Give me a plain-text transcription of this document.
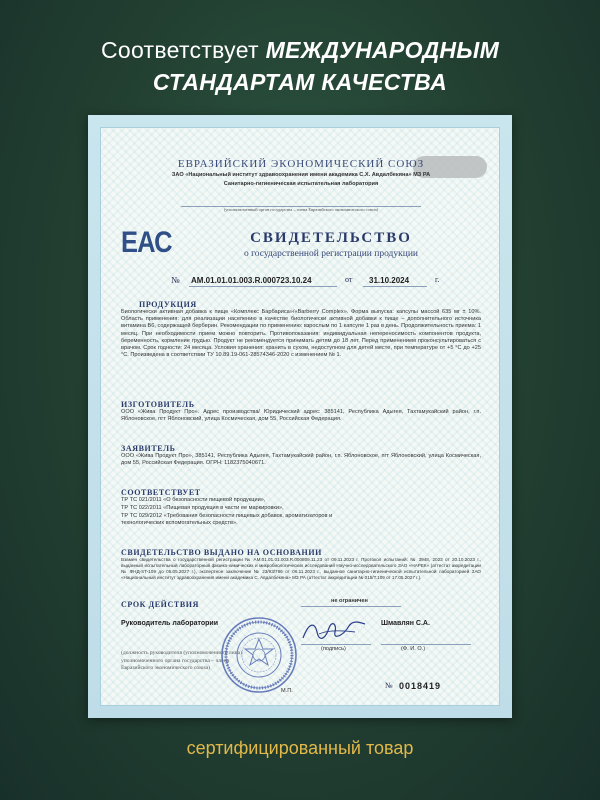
Соответствует МЕЖДУНАРОДНЫМ
СТАНДАРТАМ КАЧЕСТВА
ЕВРАЗИЙСКИЙ ЭКОНОМИЧЕСКИЙ СОЮЗ
ЗАО «Национальный институт здравоохранения имени академика С.Х. Авдалбекяна» МЗ РА
Санитарно-гигиеническая испытательная лаборатория
(уполномоченный орган государства – члена Евразийского экономического союза)
ЕАС	СВИДЕТЕЛЬСТВО
о государственной регистрации продукции
№ AM.01.01.01.003.R.000723.10.24	от 31.10.2024	г.
ПРОДУКЦИЯ
Биологически активная добавка к пище «Комплекс Барбариса»/«Barberry Complex». Форма выпуска: капсулы массой 635 мг ± 10%. Область применения: для реализации населению в качестве биологически активной добавки к пище – дополнительного источника витамина В6, содержащей берберин. Рекомендации по применению: взрослым по 1 капсуле 1 раз в день. Продолжительность приема: 1 месяц. При необходимости прием можно повторить. Противопоказания: индивидуальная непереносимость компонентов продукта, беременность, кормление грудью. Продукт не рекомендуется принимать детям до 18 лет. Перед применением проконсультироваться с врачом. Срок годности: 24 месяца. Условия хранения: хранить в сухом, недоступном для детей месте, при температуре от +5 °С до +25 °С. Произведена в соответствии ТУ 10.89.19-061-28574346-2020 с изменением № 1.
ИЗГОТОВИТЕЛЬ
ООО «Жива Продукт Про». Адрес производства/ Юридический адрес: 385141, Республика Адыгея, Тахтамукайский район, г.п. Яблоновское, пгт Яблоновский, улица Космическая, дом 55, Российская Федерация.
ЗАЯВИТЕЛЬ
ООО «Жива Продукт Про», 385141, Республика Адыгея, Тахтамукайский район, г.п. Яблоновское, пгт Яблоновский, улица Космическая, дом 55, Российская Федерация. ОГРН: 1182375040671.
СООТВЕТСТВУЕТ
ТР ТС 021/2011 «О безопасности пищевой продукции»,
ТР ТС 022/2011 «Пищевая продукция в части ее маркировки»,
ТР ТС 029/2012 «Требования безопасности пищевых добавок, ароматизаторов и технологических вспомогательных средств».
СВИДЕТЕЛЬСТВО ВЫДАНО НА ОСНОВАНИИ
Взамен свидетельства о государственной регистрации № AM.01.01.01.003.R.000809.11.23 от 09.11.2023 г. Протокол испытаний: № 3948, 2023 от 20.10.2023 г., выданный испытательный лабораторный физико-химических и микробиологических исследований Научно-исследовательского ЗАО «НАРЕК» (аттестат аккредитации № ФНД-ST-109 до 05.05.2027 г.), экспертное заключение № 23/93/786 от 06.11.2023 г., выданное санитарно-гигиенической испытательной лабораторией ЗАО «Национальный институт здравоохранения имени академика С. Авдалбекяна» МЗ РА (аттестат аккредитации № 015/Т.109 от 17.05.2027 г.).
СРОК ДЕЙСТВИЯ	не ограничен
Руководитель лаборатории
(подпись)
Шмавлян С.А.
(Ф. И. О.)
(должность руководителя (уполномоченного лица) уполномоченного органа государства – члена Евразийского экономического союза)
М.П.
№ 0018419
сертифицированный товар
